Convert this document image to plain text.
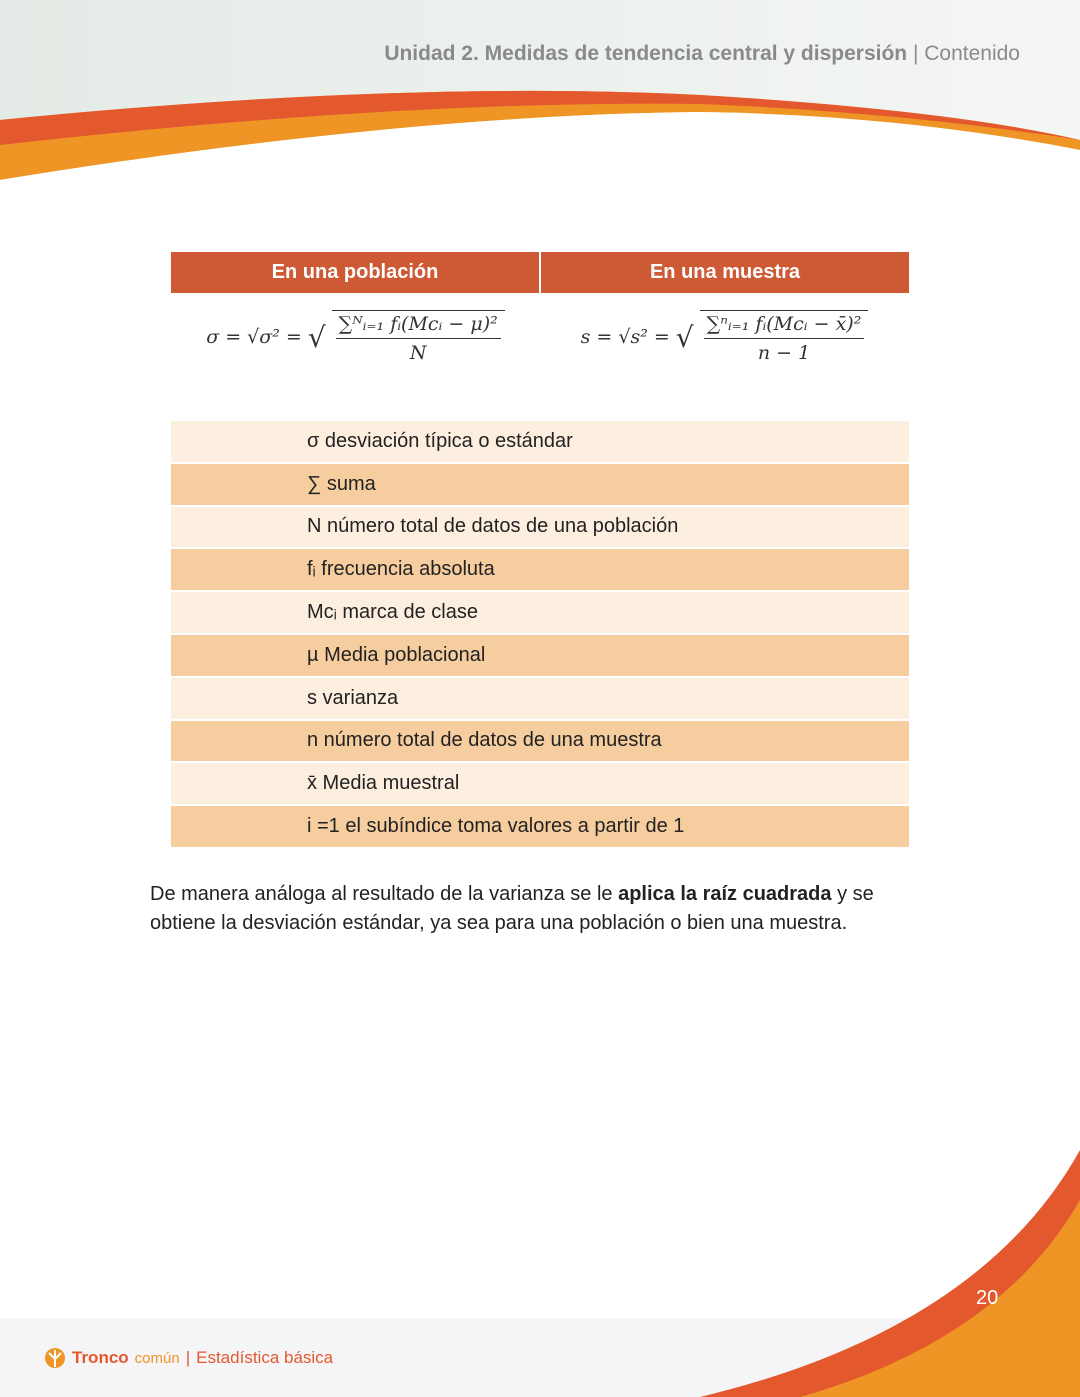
Unidad 2. Medidas de tendencia central y dispersión | Contenido
En una población	En una muestra
σ = √σ² = √ $\frac{\text{∑ᴺᵢ₌₁ fᵢ(Mcᵢ − μ)²}}{N}$	s = √s² = √ $\frac{\text{∑ⁿᵢ₌₁ fᵢ(Mcᵢ − x̄)²}}{n - 1}$
σ desviación típica o estándar
∑ suma
N número total de datos de una población
fᵢ frecuencia absoluta
Mcᵢ marca de clase
µ Media poblacional
s varianza
n número total de datos de una muestra
x̄ Media muestral
i =1 el subíndice toma valores a partir de 1

De manera análoga al resultado de la varianza se le aplica la raíz cuadrada y se obtiene la desviación estándar, ya sea para una población o bien una muestra.

20
Tronco común | Estadística básica
